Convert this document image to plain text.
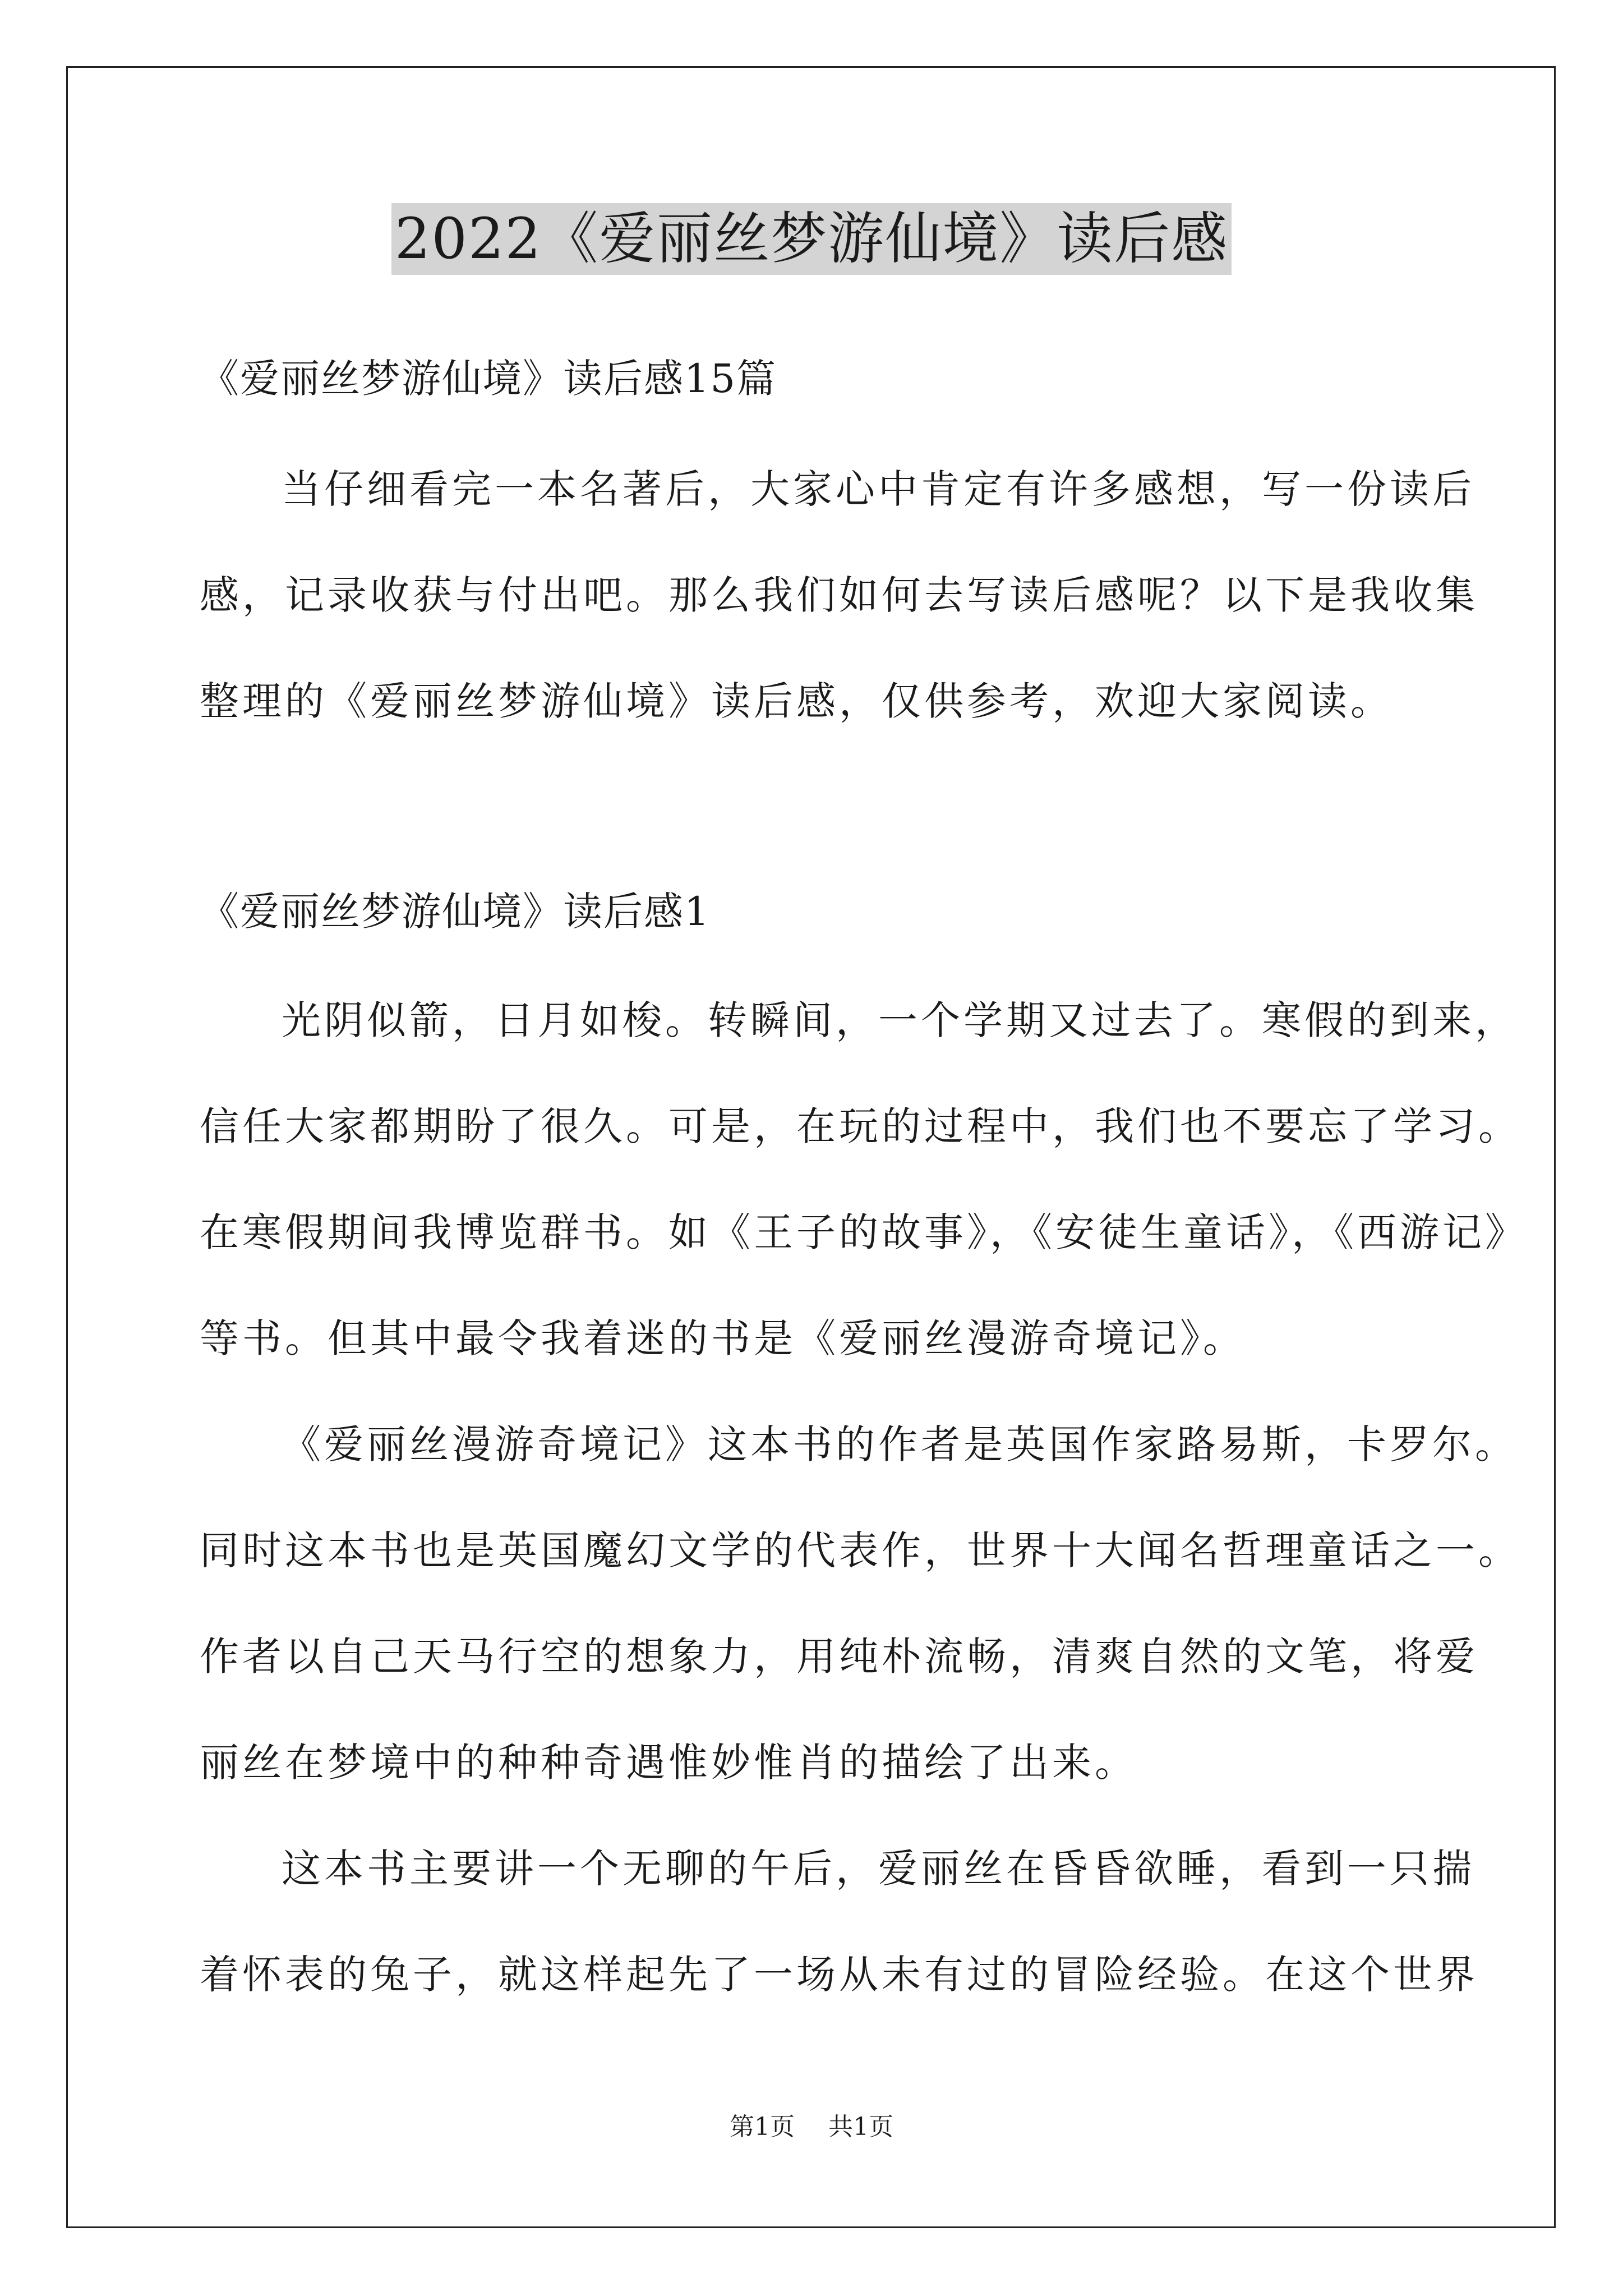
2022《爱丽丝梦游仙境》读后感
《爱丽丝梦游仙境》读后感15篇
当仔细看完一本名著后，大家心中肯定有许多感想，写一份读后
感，记录收获与付出吧。那么我们如何去写读后感呢？以下是我收集
整理的《爱丽丝梦游仙境》读后感，仅供参考，欢迎大家阅读。
《爱丽丝梦游仙境》读后感1
光阴似箭，日月如梭。转瞬间，一个学期又过去了。寒假的到来，
信任大家都期盼了很久。可是，在玩的过程中，我们也不要忘了学习。
在寒假期间我博览群书。如《王子的故事》，《安徒生童话》，《西游记》
等书。但其中最令我着迷的书是《爱丽丝漫游奇境记》。
《爱丽丝漫游奇境记》这本书的作者是英国作家路易斯，卡罗尔。
同时这本书也是英国魔幻文学的代表作，世界十大闻名哲理童话之一。
作者以自己天马行空的想象力，用纯朴流畅，清爽自然的文笔，将爱
丽丝在梦境中的种种奇遇惟妙惟肖的描绘了出来。
这本书主要讲一个无聊的午后，爱丽丝在昏昏欲睡，看到一只揣
着怀表的兔子，就这样起先了一场从未有过的冒险经验。在这个世界
第1页 共1页
